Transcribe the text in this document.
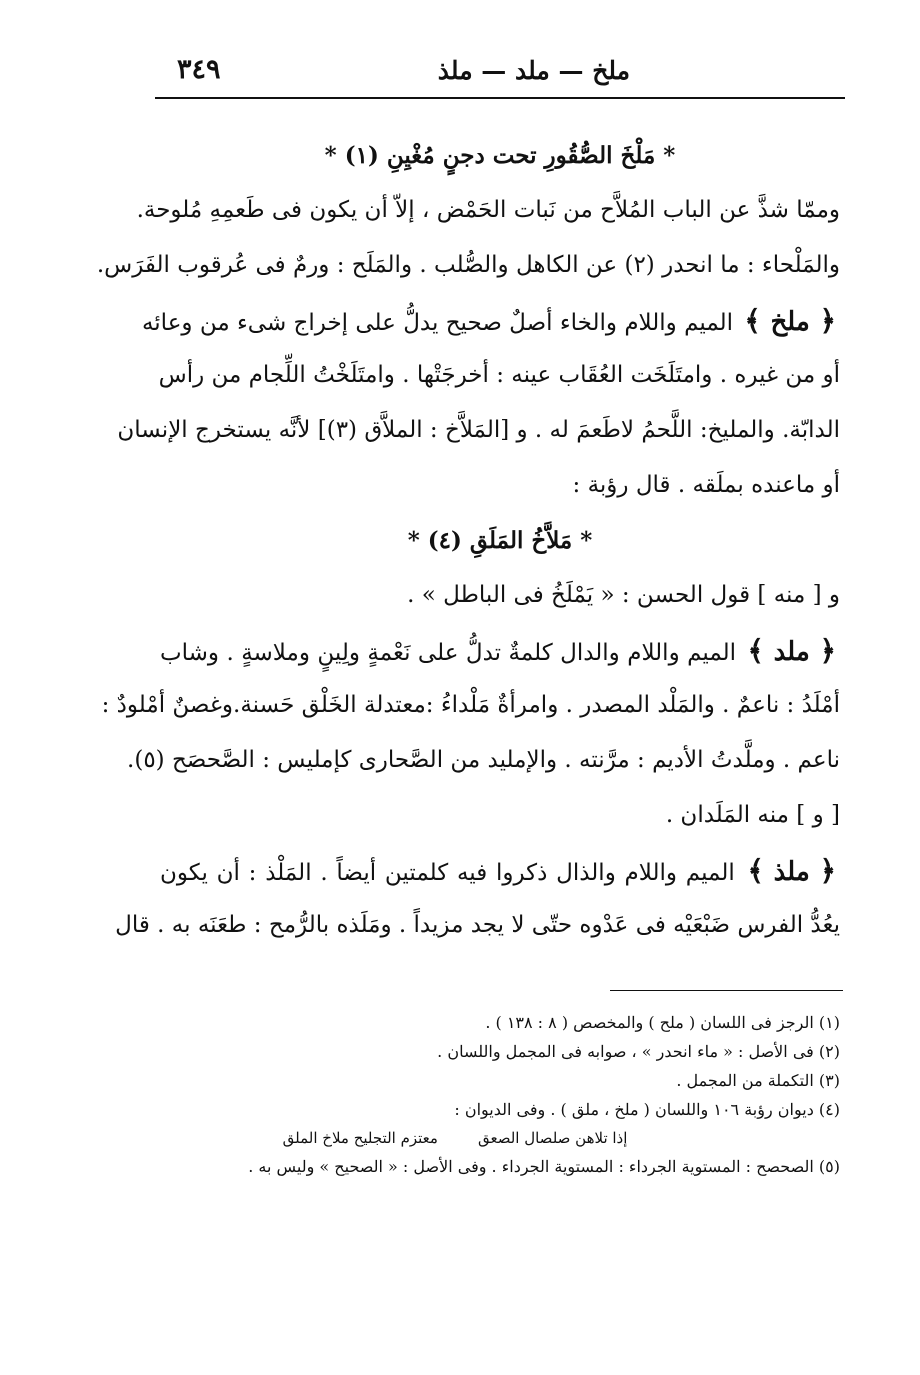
ملخ — ملد — ملذ
٣٤٩
* مَلْخَ الصُّقُورِ تحت دجنٍ مُغْيِنِ (١) *
وممّا شذَّ عن الباب المُلاَّح من نَبات الحَمْض ، إلاّ أن يكون فى طَعمِهِ مُلوحة.
والمَلْحاء : ما انحدر (٢) عن الكاهل والصُّلب . والمَلَح : ورمٌ فى عُرقوب الفَرَس.
﴿ ملخ ﴾ الميم واللام والخاء أصلٌ صحيح يدلُّ على إخراج شىء من وعائه
أو من غيره . وامتَلَخَت العُقَاب عينه : أخرجَتْها . وامتَلَخْتُ اللِّجام من رأس
الدابّة. والمليخ: اللَّحمُ لاطَعمَ له . و [المَلاَّخ : الملاَّق (٣)] لأنَّه يستخرج الإنسان
أو ماعنده بملَقه . قال رؤبة :
* مَلاَّخُ المَلَقِ (٤) *
و [ منه ] قول الحسن : « يَمْلَخُ فى الباطل » .
﴿ ملد ﴾ الميم واللام والدال كلمةٌ تدلُّ على نَعْمةٍ ولِينٍ وملاسةٍ . وشاب
أمْلَدُ : ناعمٌ . والمَلْد المصدر . وامرأةٌ مَلْداءُ :معتدلة الخَلْق حَسنة.وغصنٌ أمْلودٌ :
ناعم . وملَّدتُ الأديم : مرَّنته . والإمليد من الصَّحارى كإمليس : الصَّحصَح (٥).
[ و ] منه المَلَدان .
﴿ ملذ ﴾ الميم واللام والذال ذكروا فيه كلمتين أيضاً . المَلْذ : أن يكون
يعُدُّ الفرس ضَبْعَيْه فى عَدْوه حتّى لا يجد مزيداً . ومَلَذه بالرُّمح : طعَنَه به . قال
(١) الرجز فى اللسان ( ملح ) والمخصص ( ٨ : ١٣٨ ) .
(٢) فى الأصل : « ماء انحدر » ، صوابه فى المجمل واللسان .
(٣) التكملة من المجمل .
(٤) ديوان رؤبة ١٠٦ واللسان ( ملخ ، ملق ) . وفى الديوان :
إذا تلاهن صلصال الصعق
معتزم التجليح ملاخ الملق
(٥) الصحصح : المستوية الجرداء : المستوية الجرداء . وفى الأصل : « الصحيح » وليس به .
